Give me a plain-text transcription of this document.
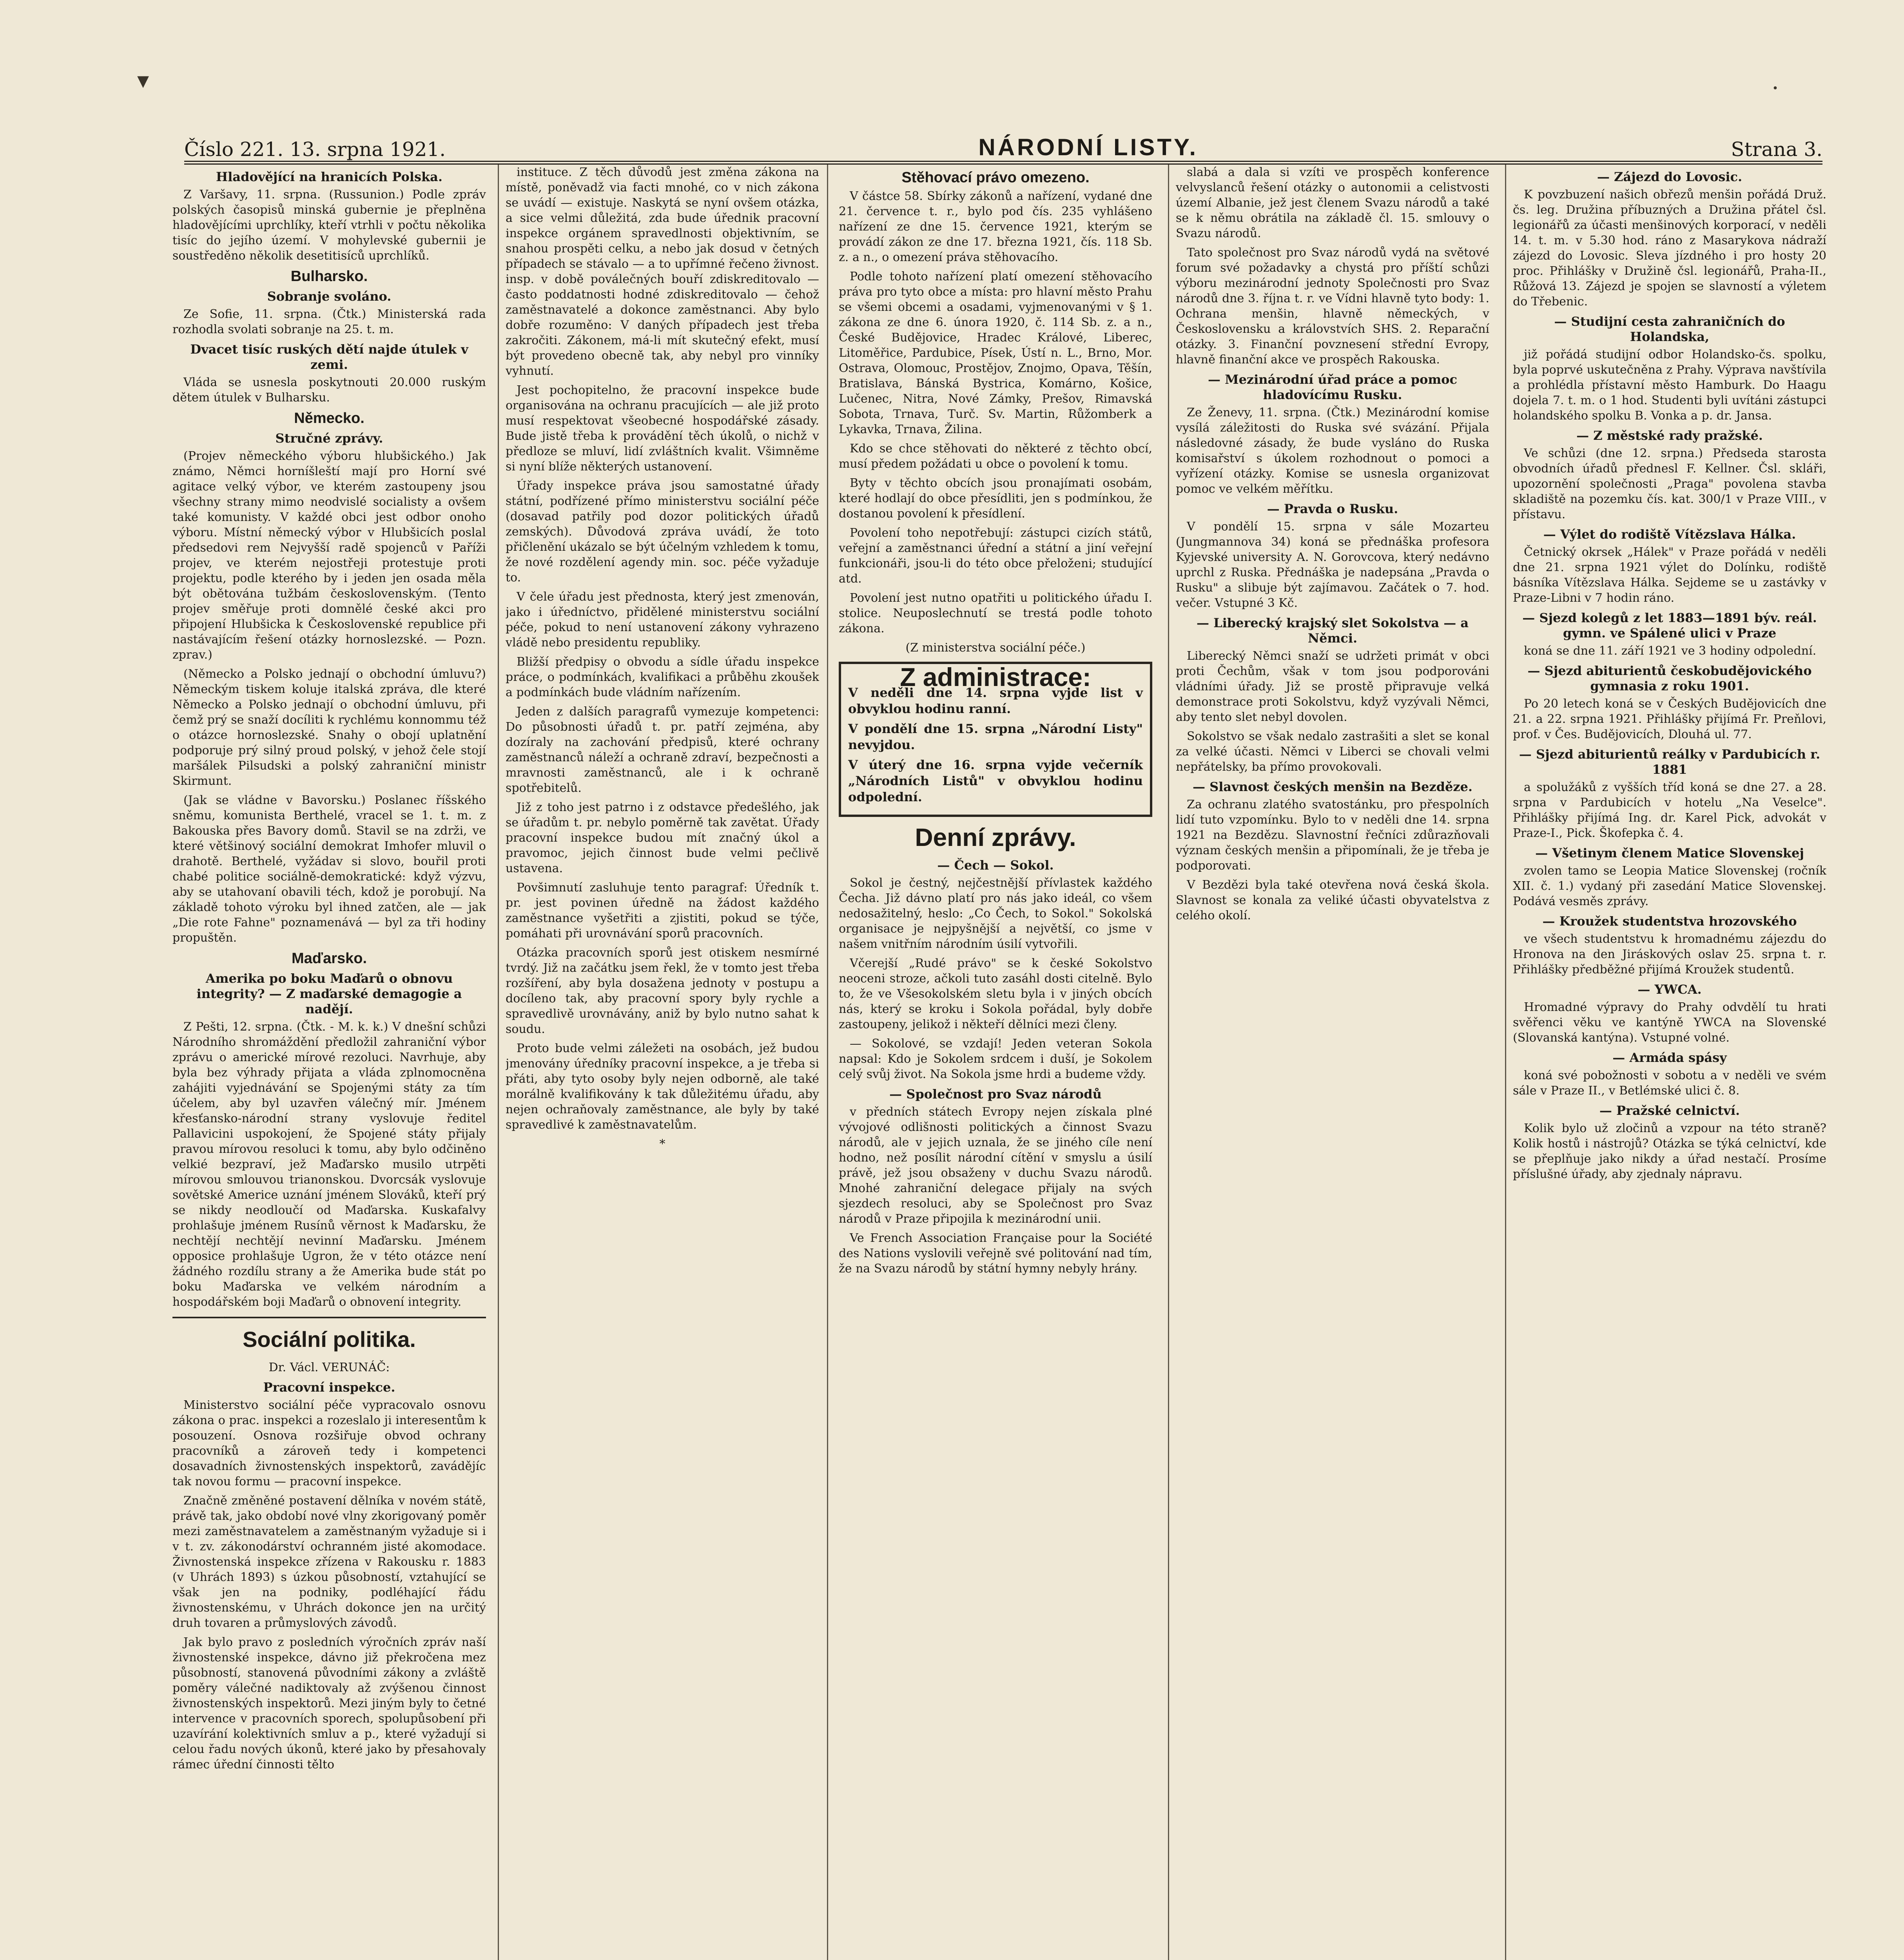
▾	·
Číslo 221. 13. srpna 1921.	NÁRODNÍ LISTY.	Strana 3.
Hladovějící na hranicích Polska.

Z Varšavy, 11. srpna. (Russunion.) Podle zpráv polských časopisů minská gubernie je přeplněna hladovějícími uprchlíky, kteří vtrhli v počtu několika tisíc do jejího území. V mohylevské gubernii je soustředěno několik desetitisíců uprchlíků.

Bulharsko.
Sobranje svoláno.

Ze Sofie, 11. srpna. (Čtk.) Ministerská rada rozhodla svolati sobranje na 25. t. m.

Dvacet tisíc ruských dětí najde útulek v zemi.

Vláda se usnesla poskytnouti 20.000 ruským dětem útulek v Bulharsku.

Německo.
Stručné zprávy.

(Projev německého výboru hlubšického.) Jak známo, Němci horníšleští mají pro Horní své agitace velký výbor, ve kterém zastoupeny jsou všechny strany mimo neodvislé socialisty a ovšem také komunisty. V každé obci jest odbor onoho výboru. Místní německý výbor v Hlubšicích poslal předsedovi rem Nejvyšší radě spojenců v Paříži projev, ve kterém nejostřeji protestuje proti projektu, podle kterého by i jeden jen osada měla být obětována tužbám československým. (Tento projev směřuje proti domnělé české akci pro připojení Hlubšicka k Československé republice při nastávajícím řešení otázky hornoslezské. — Pozn. zprav.)

(Německo a Polsko jednají o obchodní úmluvu?) Německým tiskem koluje italská zpráva, dle které Německo a Polsko jednají o obchodní úmluvu, při čemž prý se snaží docíliti k rychlému konnommu též o otázce hornoslezské. Snahy o obojí uplatnění podporuje prý silný proud polský, v jehož čele stojí maršálek Pilsudski a polský zahraniční ministr Skirmunt.

(Jak se vládne v Bavorsku.) Poslanec říšského sněmu, komunista Berthelé, vracel se 1. t. m. z Bakouska přes Bavory domů. Stavil se na zdrži, ve které většinový sociální demokrat Imhofer mluvil o drahotě. Berthelé, vyžádav si slovo, bouřil proti chabé politice sociálně-demokratické: když výzvu, aby se utahovaní obavili téch, kdož je porobují. Na základě tohoto výroku byl ihned zatčen, ale — jak „Die rote Fahne" poznamenává — byl za tři hodiny propuštěn.

Maďarsko.
Amerika po boku Maďarů o obnovu integrity? — Z maďarské demagogie a nadějí.

Z Pešti, 12. srpna. (Čtk. - M. k. k.) V dnešní schůzi Národního shromáždění předložil zahraniční výbor zprávu o americké mírové rezoluci. Navrhuje, aby byla bez výhrady přijata a vláda zplnomocněna zahájiti vyjednávání se Spojenými státy za tím účelem, aby byl uzavřen válečný mír. Jménem křesťansko-národní strany vyslovuje ředitel Pallavicini uspokojení, že Spojené státy přijaly pravou mírovou resoluci k tomu, aby bylo odčiněno velkié bezpraví, jež Maďarsko musilo utrpěti mírovou smlouvou trianonskou. Dvorcsák vyslovuje sovětské Americe uznání jménem Slováků, kteří prý se nikdy neodloučí od Maďarska. Kuskafalvy prohlašuje jménem Rusínů věrnost k Maďarsku, že nechtějí nechtějí nevinní Maďarsku. Jménem opposice prohlašuje Ugron, že v této otázce není žádného rozdílu strany a že Amerika bude stát po boku Maďarska ve velkém národním a hospodářském boji Maďarů o obnovení integrity.

Sociální politika.
Dr. Václ. VERUNÁČ:
Pracovní inspekce.

Ministerstvo sociální péče vypracovalo osnovu zákona o prac. inspekci a rozeslalo ji interesentům k posouzení. Osnova rozšiřuje obvod ochrany pracovníků a zároveň tedy i kompetenci dosavadních živnostenských inspektorů, zavádějíc tak novou formu — pracovní inspekce.

Značně změněné postavení dělníka v novém státě, právě tak, jako období nové vlny zkorigovaný poměr mezi zaměstnavatelem a zaměstnaným vyžaduje si i v t. zv. zákonodárství ochranném jisté akomodace. Živnostenská inspekce zřízena v Rakousku r. 1883 (v Uhrách 1893) s úzkou působností, vztahující se však jen na podniky, podléhající řádu živnostenskému, v Uhrách dokonce jen na určitý druh tovaren a průmyslových závodů.

Jak bylo pravo z posledních výročních zpráv naší živnostenské inspekce, dávno již překročena mez působností, stanovená původními zákony a zvláště poměry válečné nadiktovaly až zvýšenou činnost živnostenských inspektorů. Mezi jiným byly to četné intervence v pracovních sporech, spolupůsobení při uzavírání kolektivních smluv a p., které vyžadují si celou řadu nových úkonů, které jako by přesahovaly rámec úřední činnosti tělto

instituce. Z těch důvodů jest změna zákona na místě, poněvadž via facti mnohé, co v nich zákona se uvádí — existuje. Naskytá se nyní ovšem otázka, a sice velmi důležitá, zda bude úřednik pracovní inspekce orgánem spravedlnosti objektivním, se snahou prospěti celku, a nebo jak dosud v četných případech se stávalo — a to upřímné řečeno živnost. insp. v době poválečných bouří zdiskreditovalo — často poddatnosti hodné zdiskreditovalo — čehož zaměstnavatelé a dokonce zaměstnanci. Aby bylo dobře rozuměno: V daných případech jest třeba zakročiti. Zákonem, má-li mít skutečný efekt, musí být provedeno obecně tak, aby nebyl pro vinníky vyhnutí.

Jest pochopitelno, že pracovní inspekce bude organisována na ochranu pracujících — ale již proto musí respektovat všeobecné hospodářské zásady. Bude jistě třeba k provádění těch úkolů, o nichž v předloze se mluví, lidí zvláštních kvalit. Všimněme si nyní blíže některých ustanovení.

Úřady inspekce práva jsou samostatné úřady státní, podřízené přímo ministerstvu sociální péče (dosavad patřily pod dozor politických úřadů zemských). Důvodová zpráva uvádí, že toto přičlenění ukázalo se být účelným vzhledem k tomu, že nové rozdělení agendy min. soc. péče vyžaduje to.

V čele úřadu jest přednosta, který jest zmenován, jako i úředníctvo, přidělené ministerstvu sociální péče, pokud to není ustanovení zákony vyhrazeno vládě nebo presidentu republiky.

Bližší předpisy o obvodu a sídle úřadu inspekce práce, o podmínkách, kvalifikaci a průběhu zkoušek a podmínkách bude vládním nařízením.

Jeden z dalších paragrafů vymezuje kompetenci: Do působnosti úřadů t. pr. patří zejména, aby dozíraly na zachování předpisů, které ochrany zaměstnanců náleží a ochraně zdraví, bezpečnosti a mravnosti zaměstnanců, ale i k ochraně spotřebitelů.

Již z toho jest patrno i z odstavce předešlého, jak se úřadům t. pr. nebylo poměrně tak zavětat. Úřady pracovní inspekce budou mít značný úkol a pravomoc, jejich činnost bude velmi pečlivě ustavena.

Povšimnutí zasluhuje tento paragraf: Úředník t. pr. jest povinen úředně na žádost každého zaměstnance vyšetřiti a zjistiti, pokud se týče, pomáhati při urovnávání sporů pracovních.

Otázka pracovních sporů jest otiskem nesmírné tvrdý. Již na začátku jsem řekl, že v tomto jest třeba rozšíření, aby byla dosažena jednoty v postupu a docíleno tak, aby pracovní spory byly rychle a spravedlivě urovnávány, aniž by bylo nutno sahat k soudu.

Proto bude velmi záležeti na osobách, jež budou jmenovány úředníky pracovní inspekce, a je třeba si přáti, aby tyto osoby byly nejen odborně, ale také morálně kvalifikovány k tak důležitému úřadu, aby nejen ochraňovaly zaměstnance, ale byly by také spravedlivé k zaměstnavatelům.

*

Stěhovací právo omezeno.

V částce 58. Sbírky zákonů a nařízení, vydané dne 21. července t. r., bylo pod čís. 235 vyhlášeno nařízení ze dne 15. července 1921, kterým se provádí zákon ze dne 17. března 1921, čís. 118 Sb. z. a n., o omezení práva stěhovacího.

Podle tohoto nařízení platí omezení stěhovacího práva pro tyto obce a místa: pro hlavní město Prahu se všemi obcemi a osadami, vyjmenovanými v § 1. zákona ze dne 6. února 1920, č. 114 Sb. z. a n., České Budějovice, Hradec Králové, Liberec, Litoměřice, Pardubice, Písek, Ústí n. L., Brno, Mor. Ostrava, Olomouc, Prostějov, Znojmo, Opava, Těšín, Bratislava, Bánská Bystrica, Komárno, Košice, Lučenec, Nitra, Nové Zámky, Prešov, Rimavská Sobota, Trnava, Turč. Sv. Martin, Růžomberk a Lykavka, Trnava, Žilina.

Kdo se chce stěhovati do některé z těchto obcí, musí předem požádati u obce o povolení k tomu.

Byty v těchto obcích jsou pronajímati osobám, které hodlají do obce přesídliti, jen s podmínkou, že dostanou povolení k přesídlení.

Povolení toho nepotřebují: zástupci cizích států, veřejní a zaměstnanci úřední a státní a jiní veřejní funkcionáři, jsou-li do této obce přeloženi; studující atd.

Povolení jest nutno opatřiti u politického úřadu I. stolice. Neuposlechnutí se trestá podle tohoto zákona.

(Z ministerstva sociální péče.)
Z administrace:

V neděli dne 14. srpna vyjde list v obvyklou hodinu ranní.

V pondělí dne 15. srpna „Národní Listy" nevyjdou.

V úterý dne 16. srpna vyjde večerník „Národních Listů" v obvyklou hodinu odpolední.

Denní zprávy.
— Čech — Sokol.

Sokol je čestný, nejčestnější přívlastek každého Čecha. Již dávno platí pro nás jako ideál, co všem nedosažitelný, heslo: „Co Čech, to Sokol." Sokolská organisace je nejpyšnější a největší, co jsme v našem vnitřním národním úsilí vytvořili.

Včerejší „Rudé právo" se k české Sokolstvo neoceni stroze, ačkoli tuto zasáhl dosti citelně. Bylo to, že ve Všesokolském sletu byla i v jiných obcích nás, který se kroku i Sokola pořádal, byly dobře zastoupeny, jelikož i někteří dělníci mezi členy.

— Sokolové, se vzdají! Jeden veteran Sokola napsal: Kdo je Sokolem srdcem i duší, je Sokolem celý svůj život. Na Sokola jsme hrdi a budeme vždy.

— Společnost pro Svaz národů

v předních státech Evropy nejen získala plné vývojové odlišnosti politických a činnost Svazu národů, ale v jejich uznala, že se jiného cíle není hodno, než posílit národní cítění v smyslu a úsilí právě, jež jsou obsaženy v duchu Svazu národů. Mnohé zahraniční delegace přijaly na svých sjezdech resoluci, aby se Společnost pro Svaz národů v Praze připojila k mezinárodní unii.

Ve French Association Française pour la Société des Nations vyslovili veřejně své politování nad tím, že na Svazu národů by státní hymny nebyly hrány.

slabá a dala si vzíti ve prospěch konference velvyslanců řešení otázky o autonomii a celistvosti území Albanie, jež jest členem Svazu národů a také se k němu obrátila na základě čl. 15. smlouvy o Svazu národů.

Tato společnost pro Svaz národů vydá na světové forum své požadavky a chystá pro příští schůzi výboru mezinárodní jednoty Společnosti pro Svaz národů dne 3. října t. r. ve Vídni hlavně tyto body: 1. Ochrana menšin, hlavně německých, v Československu a královstvích SHS. 2. Reparační otázky. 3. Finanční povznesení střední Evropy, hlavně finanční akce ve prospěch Rakouska.

— Mezinárodní úřad práce a pomoc hladovícímu Rusku.

Ze Ženevy, 11. srpna. (Čtk.) Mezinárodní komise vysílá záležitosti do Ruska své svázání. Přijala následovné zásady, že bude vysláno do Ruska komisařství s úkolem rozhodnout o pomoci a vyřízení otázky. Komise se usnesla organizovat pomoc ve velkém měřítku.

— Pravda o Rusku.

V pondělí 15. srpna v sále Mozarteu (Jungmannova 34) koná se přednáška profesora Kyjevské university A. N. Gorovcova, který nedávno uprchl z Ruska. Přednáška je nadepsána „Pravda o Rusku" a slibuje být zajímavou. Začátek o 7. hod. večer. Vstupné 3 Kč.

— Liberecký krajský slet Sokolstva — a Němci.

Liberecký Němci snaží se udržeti primát v obci proti Čechům, však v tom jsou podporováni vládními úřady. Již se prostě připravuje velká demonstrace proti Sokolstvu, když vyzývali Němci, aby tento slet nebyl dovolen.

Sokolstvo se však nedalo zastrašiti a slet se konal za velké účasti. Němci v Liberci se chovali velmi nepřátelsky, ba přímo provokovali.

— Slavnost českých menšin na Bezděze.

Za ochranu zlatého svatostánku, pro přespolních lidí tuto vzpomínku. Bylo to v neděli dne 14. srpna 1921 na Bezdězu. Slavnostní řečníci zdůrazňovali význam českých menšin a připomínali, že je třeba je podporovati.

V Bezdězi byla také otevřena nová česká škola. Slavnost se konala za veliké účasti obyvatelstva z celého okolí.

— Zájezd do Lovosic.

K povzbuzení našich obřezů menšin pořádá Druž. čs. leg. Družina příbuzných a Družina přátel čsl. legionářů za účasti menšinových korporací, v neděli 14. t. m. v 5.30 hod. ráno z Masarykova nádraží zájezd do Lovosic. Sleva jízdného i pro hosty 20 proc. Přihlášky v Družině čsl. legionářů, Praha-II., Růžová 13. Zájezd je spojen se slavností a výletem do Třebenic.

— Studijní cesta zahraničních do Holandska,

již pořádá studijní odbor Holandsko-čs. spolku, byla poprvé uskutečněna z Prahy. Výprava navštívila a prohlédla přístavní město Hamburk. Do Haagu dojela 7. t. m. o 1 hod. Studenti byli uvítáni zástupci holandského spolku B. Vonka a p. dr. Jansa.

— Z městské rady pražské.

Ve schůzi (dne 12. srpna.) Předseda starosta obvodních úřadů přednesl F. Kellner. Čsl. skláři, upozornění společnosti „Praga" povolena stavba skladiště na pozemku čís. kat. 300/1 v Praze VIII., v přístavu.

— Výlet do rodiště Vítězslava Hálka.

Četnický okrsek „Hálek" v Praze pořádá v neděli dne 21. srpna 1921 výlet do Dolínku, rodiště básníka Vítězslava Hálka. Sejdeme se u zastávky v Praze-Libni v 7 hodin ráno.

— Sjezd kolegů z let 1883—1891 býv. reál. gymn. ve Spálené ulici v Praze

koná se dne 11. září 1921 ve 3 hodiny odpolední.

— Sjezd abiturientů českobudějovického gymnasia z roku 1901.

Po 20 letech koná se v Českých Budějovicích dne 21. a 22. srpna 1921. Přihlášky přijímá Fr. Preňlovi, prof. v Čes. Budějovicích, Dlouhá ul. 77.

— Sjezd abiturientů reálky v Pardubicích r. 1881

a spolužáků z vyšších tříd koná se dne 27. a 28. srpna v Pardubicích v hotelu „Na Veselce". Přihlášky přijímá Ing. dr. Karel Pick, advokát v Praze-I., Pick. Škofepka č. 4.

— Všetinym členem Matice Slovenskej

zvolen tamo se Leopia Matice Slovenskej (ročník XII. č. 1.) vydaný při zasedání Matice Slovenskej. Podává vesměs zprávy.

— Kroužek studentstva hrozovského

ve všech studentstvu k hromadnému zájezdu do Hronova na den Jiráskových oslav 25. srpna t. r. Přihlášky předběžné přijímá Kroužek studentů.

— YWCA.

Hromadné výpravy do Prahy odvdělí tu hrati svěřenci věku ve kantýně YWCA na Slovenské (Slovanská kantýna). Vstupné volné.

— Armáda spásy

koná své pobožnosti v sobotu a v neděli ve svém sále v Praze II., v Betlémské ulici č. 8.

— Pražské celnictví.

Kolik bylo už zločinů a vzpour na této straně? Kolik hostů i nástrojů? Otázka se týká celnictví, kde se přeplňuje jako nikdy a úřad nestačí. Prosíme příslušné úřady, aby zjednaly nápravu.
